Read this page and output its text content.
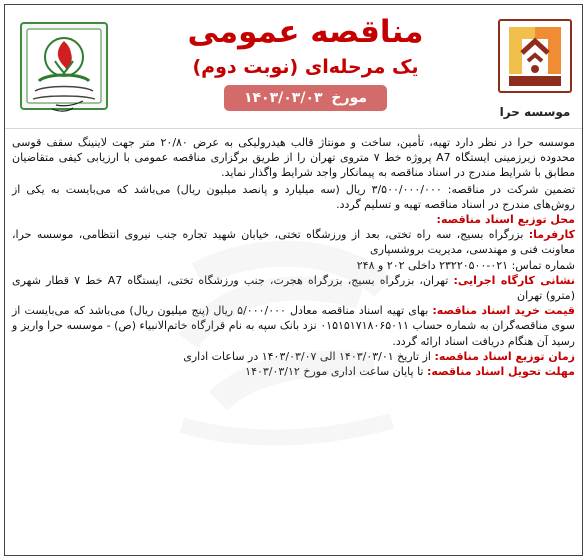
مناقصه عمومی
یک مرحله‌ای (نوبت دوم)
مورخ ۱۴۰۳/۰۳/۰۳
موسسه حرا

موسسه حرا در نظر دارد تهیه، تأمین، ساخت و مونتاژ قالب هیدرولیکی به عرض ۲۰/۸۰ متر جهت لاینینگ سقف قوسی محدوده زیرزمینی ایستگاه A7 پروژه خط ۷ متروی تهران را از طریق برگزاری مناقصه عمومی با ارزیابی کیفی متقاضیان مطابق با شرایط مندرج در اسناد مناقصه به پیمانکار واجد شرایط واگذار نماید.

تضمین شرکت در مناقصه: ۳/۵۰۰/۰۰۰/۰۰۰ ریال (سه میلیارد و پانصد میلیون ریال) می‌باشد که می‌بایست به یکی از روش‌های مندرج در اسناد مناقصه تهیه و تسلیم گردد.

محل توزیع اسناد مناقصه:

کارفرما: بزرگراه بسیج، سه راه تختی، بعد از ورزشگاه تختی، خیابان شهید تجاره جنب نیروی انتظامی، موسسه حرا، معاونت فنی و مهندسی، مدیریت بروشسپاری

شماره تماس: ۰۲۱-۲۳۲۲۰۵۰۰ داخلی ۲۰۲ و ۲۴۸

نشانی کارگاه اجرایی: تهران، بزرگراه بسیج، بزرگراه هجرت، جنب ورزشگاه تختی، ایستگاه A7 خط ۷ قطار شهری (مترو) تهران

قیمت خرید اسناد مناقصه: بهای تهیه اسناد مناقصه معادل ۵/۰۰۰/۰۰۰ ریال (پنج میلیون ریال) می‌باشد که می‌بایست از سوی مناقصه‌گران به شماره حساب ۰۱۵۱۵۱۷۱۸۰۶۵۰۱۱ نزد بانک سپه به نام قرارگاه خاتم‌الانبیاء (ص) - موسسه حرا واریز و رسید آن هنگام دریافت اسناد ارائه گردد.

زمان توزیع اسناد مناقصه: از تاریخ ۱۴۰۳/۰۳/۰۱ الی ۱۴۰۳/۰۳/۰۷ در ساعات اداری

مهلت تحویل اسناد مناقصه: تا پایان ساعت اداری مورخ ۱۴۰۳/۰۳/۱۲
